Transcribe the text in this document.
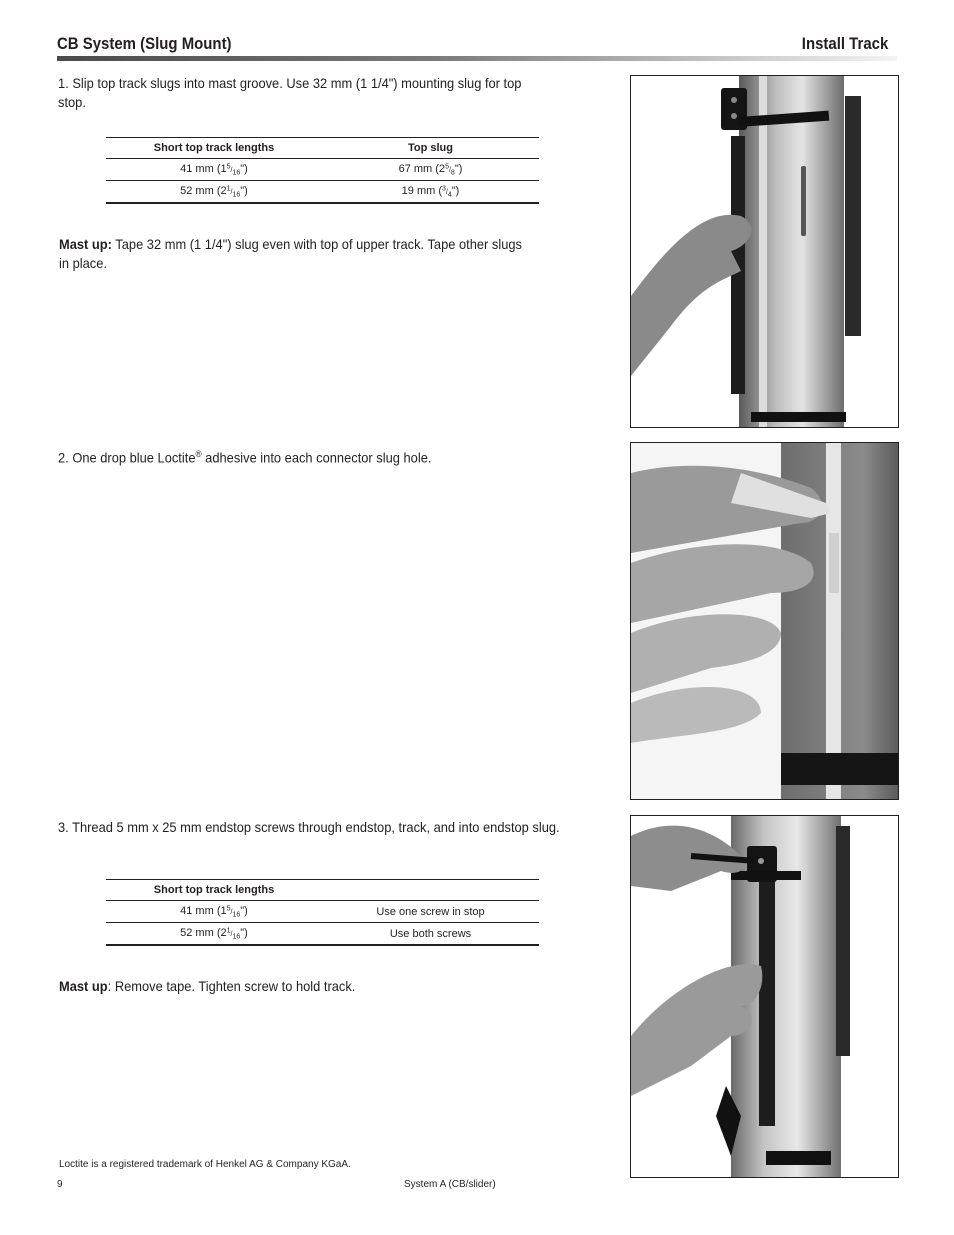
CB System (Slug Mount)	Install Track
1. Slip top track slugs into mast groove. Use 32 mm (1 1/4") mounting slug for top stop.
Short top track lengths	Top slug
41 mm $(1^5/_{16}")$	67 mm $(2^5/_8")$
52 mm $(2^1/_{16}")$	19 mm $(^3/_4")$
Mast up: Tape 32 mm (1 1/4") slug even with top of upper track. Tape other slugs in place.
2. One drop blue Loctite® adhesive into each connector slug hole.
3. Thread 5 mm x 25 mm endstop screws through endstop, track, and into endstop slug.
Short top track lengths	
41 mm $(1^5/_{16}")$	Use one screw in stop
52 mm $(2^1/_{16}")$	Use both screws
Mast up: Remove tape. Tighten screw to hold track.
Loctite is a registered trademark of Henkel AG & Company KGaA.
9	System A (CB/slider)
